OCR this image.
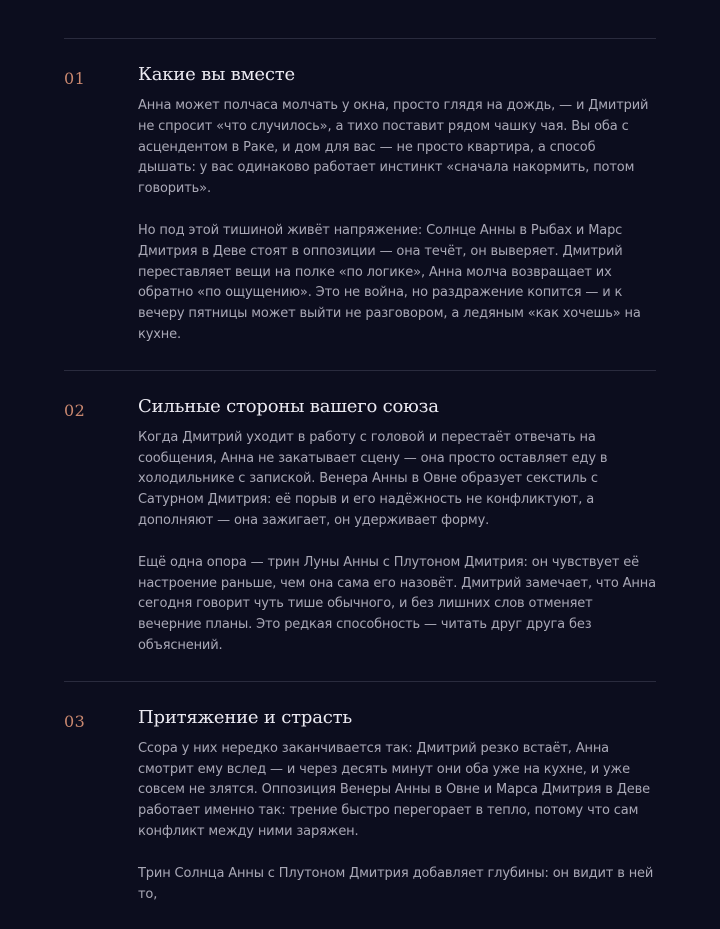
01	Какие вы вместе

Анна может полчаса молчать у окна, просто глядя на дождь, — и Дмитрий не спросит «что случилось», а тихо поставит рядом чашку чая. Вы оба с асцендентом в Раке, и дом для вас — не просто квартира, а способ дышать: у вас одинаково работает инстинкт «сначала накормить, потом говорить».

Но под этой тишиной живёт напряжение: Солнце Анны в Рыбах и Марс Дмитрия в Деве стоят в оппозиции — она течёт, он выверяет. Дмитрий переставляет вещи на полке «по логике», Анна молча возвращает их обратно «по ощущению». Это не война, но раздражение копится — и к вечеру пятницы может выйти не разговором, а ледяным «как хочешь» на кухне.

02	Сильные стороны вашего союза

Когда Дмитрий уходит в работу с головой и перестаёт отвечать на сообщения, Анна не закатывает сцену — она просто оставляет еду в холодильнике с запиской. Венера Анны в Овне образует секстиль с Сатурном Дмитрия: её порыв и его надёжность не конфликтуют, а дополняют — она зажигает, он удерживает форму.

Ещё одна опора — трин Луны Анны с Плутоном Дмитрия: он чувствует её настроение раньше, чем она сама его назовёт. Дмитрий замечает, что Анна сегодня говорит чуть тише обычного, и без лишних слов отменяет вечерние планы. Это редкая способность — читать друг друга без объяснений.

03	Притяжение и страсть

Ссора у них нередко заканчивается так: Дмитрий резко встаёт, Анна смотрит ему вслед — и через десять минут они оба уже на кухне, и уже совсем не злятся. Оппозиция Венеры Анны в Овне и Марса Дмитрия в Деве работает именно так: трение быстро перегорает в тепло, потому что сам конфликт между ними заряжен.

Трин Солнца Анны с Плутоном Дмитрия добавляет глубины: он видит в ней то,
